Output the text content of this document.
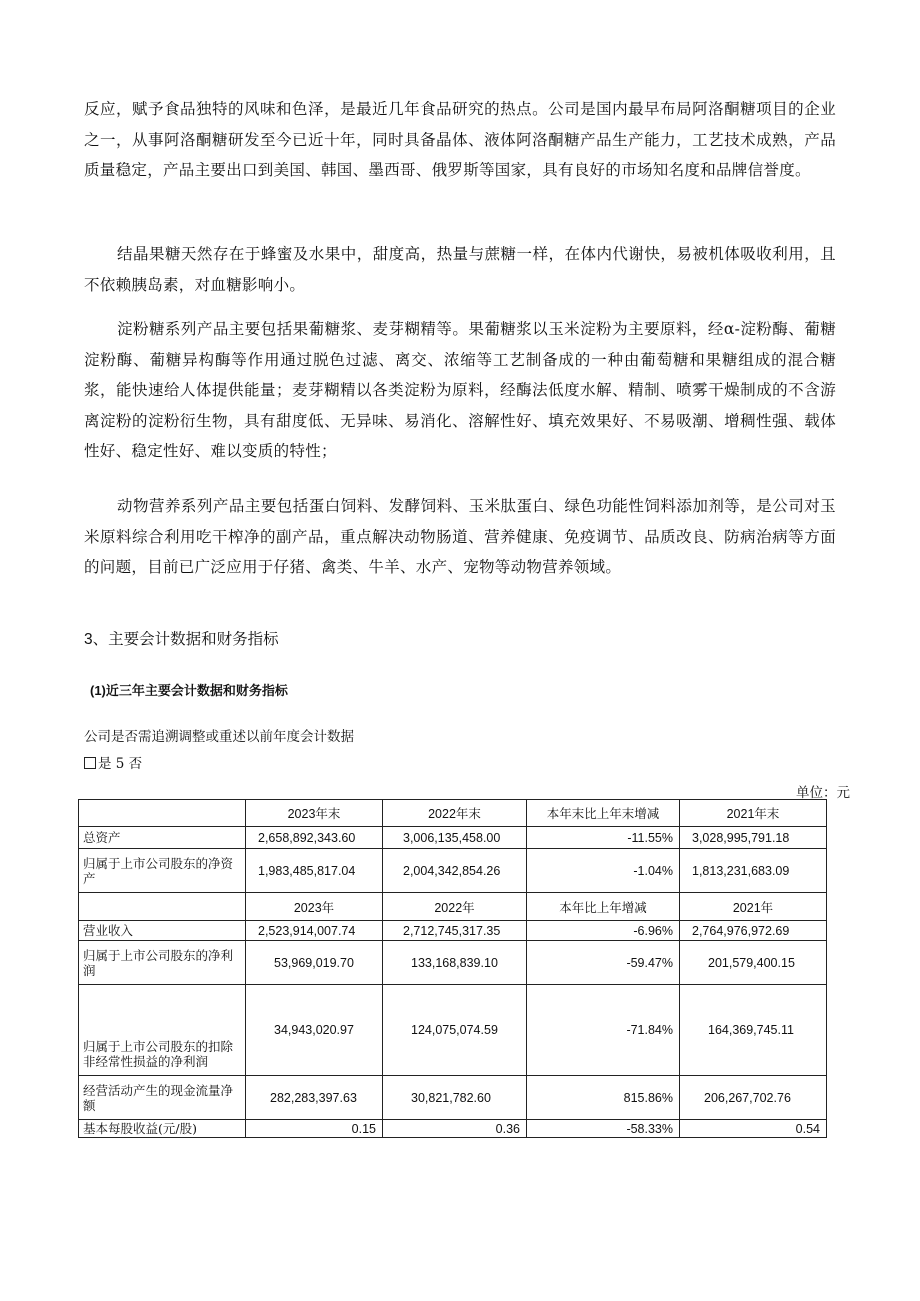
反应，赋予食品独特的风味和色泽，是最近几年食品研究的热点。公司是国内最早布局阿洛酮糖项目的企业之一，从事阿洛酮糖研发至今已近十年，同时具备晶体、液体阿洛酮糖产品生产能力，工艺技术成熟，产品质量稳定，产品主要出口到美国、韩国、墨西哥、俄罗斯等国家，具有良好的市场知名度和品牌信誉度。

结晶果糖天然存在于蜂蜜及水果中，甜度高，热量与蔗糖一样，在体内代谢快，易被机体吸收利用，且不依赖胰岛素，对血糖影响小。

淀粉糖系列产品主要包括果葡糖浆、麦芽糊精等。果葡糖浆以玉米淀粉为主要原料，经α-淀粉酶、葡糖淀粉酶、葡糖异构酶等作用通过脱色过滤、离交、浓缩等工艺制备成的一种由葡萄糖和果糖组成的混合糖浆，能快速给人体提供能量；麦芽糊精以各类淀粉为原料，经酶法低度水解、精制、喷雾干燥制成的不含游离淀粉的淀粉衍生物，具有甜度低、无异味、易消化、溶解性好、填充效果好、不易吸潮、增稠性强、载体性好、稳定性好、难以变质的特性；

动物营养系列产品主要包括蛋白饲料、发酵饲料、玉米肽蛋白、绿色功能性饲料添加剂等，是公司对玉米原料综合利用吃干榨净的副产品，重点解决动物肠道、营养健康、免疫调节、品质改良、防病治病等方面的问题，目前已广泛应用于仔猪、禽类、牛羊、水产、宠物等动物营养领域。

3、主要会计数据和财务指标
(1)近三年主要会计数据和财务指标

公司是否需追溯调整或重述以前年度会计数据

是 5 否

单位：元

	2023年末	2022年末	本年末比上年末增减	2021年末
总资产	2,658,892,343.60	3,006,135,458.00	-11.55%	3,028,995,791.18
归属于上市公司股东的净资产	1,983,485,817.04	2,004,342,854.26	-1.04%	1,813,231,683.09
	2023年	2022年	本年比上年增减	2021年
营业收入	2,523,914,007.74	2,712,745,317.35	-6.96%	2,764,976,972.69
归属于上市公司股东的净利润	53,969,019.70	133,168,839.10	-59.47%	201,579,400.15
归属于上市公司股东的扣除非经常性损益的净利润	34,943,020.97	124,075,074.59	-71.84%	164,369,745.11
经营活动产生的现金流量净额	282,283,397.63	30,821,782.60	815.86%	206,267,702.76
基本每股收益(元/股)	0.15	0.36	-58.33%	0.54
